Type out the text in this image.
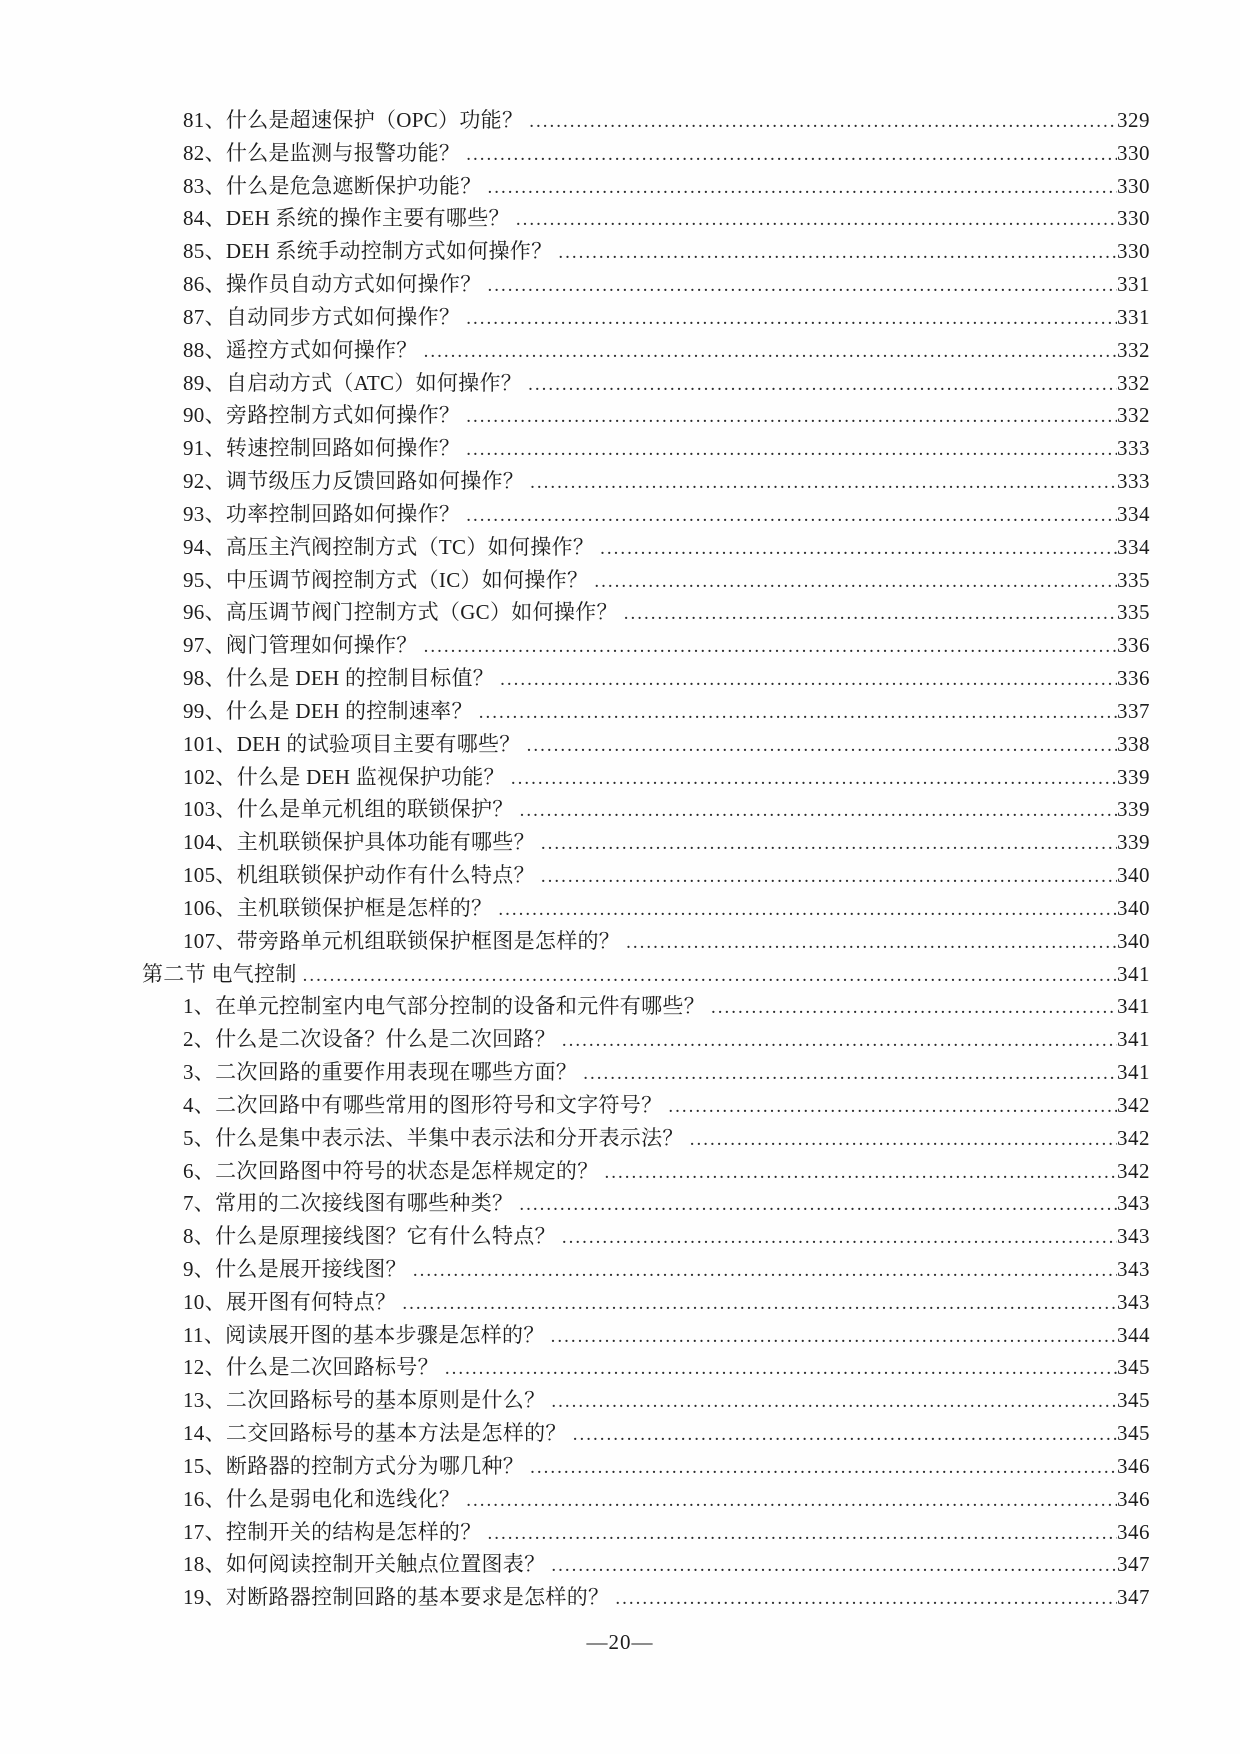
81、什么是超速保护（OPC）功能？ .....	329
82、什么是监测与报警功能？ .....	330
83、什么是危急遮断保护功能？ .....	330
84、DEH 系统的操作主要有哪些？ .....	330
85、DEH 系统手动控制方式如何操作？ .....	330
86、操作员自动方式如何操作？ .....	331
87、自动同步方式如何操作？ .....	331
88、遥控方式如何操作？ .....	332
89、自启动方式（ATC）如何操作？ .....	332
90、旁路控制方式如何操作？ .....	332
91、转速控制回路如何操作？ .....	333
92、调节级压力反馈回路如何操作？ .....	333
93、功率控制回路如何操作？ .....	334
94、高压主汽阀控制方式（TC）如何操作？ .....	334
95、中压调节阀控制方式（IC）如何操作？ .....	335
96、高压调节阀门控制方式（GC）如何操作？ .....	335
97、阀门管理如何操作？ .....	336
98、什么是 DEH 的控制目标值？ .....	336
99、什么是 DEH 的控制速率？ .....	337
101、DEH 的试验项目主要有哪些？ .....	338
102、什么是 DEH 监视保护功能？ .....	339
103、什么是单元机组的联锁保护？ .....	339
104、主机联锁保护具体功能有哪些？ .....	339
105、机组联锁保护动作有什么特点？ .....	340
106、主机联锁保护框是怎样的？ .....	340
107、带旁路单元机组联锁保护框图是怎样的？ .....	340
第二节 电气控制 .....	341
1、在单元控制室内电气部分控制的设备和元件有哪些？ .....	341
2、什么是二次设备？什么是二次回路？ .....	341
3、二次回路的重要作用表现在哪些方面？ .....	341
4、二次回路中有哪些常用的图形符号和文字符号？ .....	342
5、什么是集中表示法、半集中表示法和分开表示法？ .....	342
6、二次回路图中符号的状态是怎样规定的？ .....	342
7、常用的二次接线图有哪些种类？ .....	343
8、什么是原理接线图？它有什么特点？ .....	343
9、什么是展开接线图？ .....	343
10、展开图有何特点？ .....	343
11、阅读展开图的基本步骤是怎样的？ .....	344
12、什么是二次回路标号？ .....	345
13、二次回路标号的基本原则是什么？ .....	345
14、二交回路标号的基本方法是怎样的？ .....	345
15、断路器的控制方式分为哪几种？ .....	346
16、什么是弱电化和选线化？ .....	346
17、控制开关的结构是怎样的？ .....	346
18、如何阅读控制开关触点位置图表？ .....	347
19、对断路器控制回路的基本要求是怎样的？ .....	347
—20—
